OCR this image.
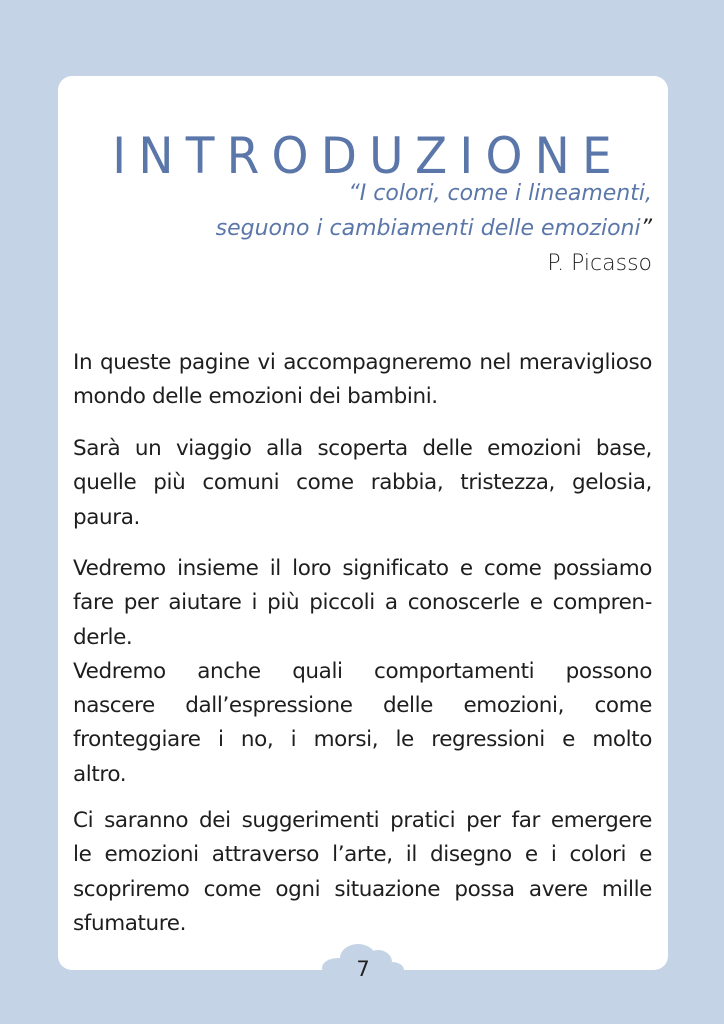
INTRODUZIONE
“I colori, come i lineamenti,
seguono i cambiamenti delle emozioni”
P. Picasso
In queste pagine vi accompagneremo nel meraviglioso
mondo delle emozioni dei bambini.
Sarà un viaggio alla scoperta delle emozioni base,
quelle più comuni come rabbia, tristezza, gelosia,
paura.
Vedremo insieme il loro significato e come possiamo
fare per aiutare i più piccoli a conoscerle e compren-
derle.
Vedremo anche quali comportamenti possono
nascere dall’espressione delle emozioni, come
fronteggiare i no, i morsi, le regressioni e molto
altro.
Ci saranno dei suggerimenti pratici per far emergere
le emozioni attraverso l’arte, il disegno e i colori e
scopriremo come ogni situazione possa avere mille
sfumature.
7
